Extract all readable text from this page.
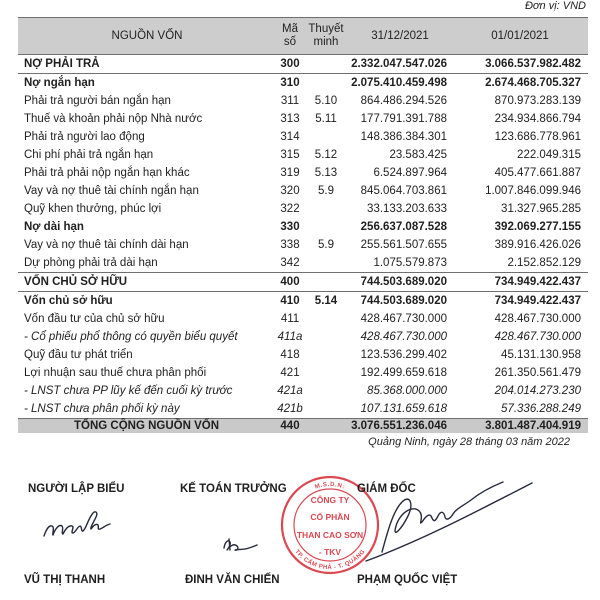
Đơn vị: VND
NGUỒN VỐN	Mã số	Thuyết minh	31/12/2021	01/01/2021
NỢ PHẢI TRẢ	300		2.332.047.547.026	3.066.537.982.482
Nợ ngắn hạn	310		2.075.410.459.498	2.674.468.705.327
Phải trả người bán ngắn hạn	311	5.10	864.486.294.526	870.973.283.139
Thuế và khoản phải nộp Nhà nước	313	5.11	177.791.391.788	234.934.866.794
Phải trả người lao động	314		148.386.384.301	123.686.778.961
Chi phí phải trả ngắn hạn	315	5.12	23.583.425	222.049.315
Phải trả phải nộp ngắn hạn khác	319	5.13	6.524.897.964	405.477.661.887
Vay và nợ thuê tài chính ngắn hạn	320	5.9	845.064.703.861	1.007.846.099.946
Quỹ khen thưởng, phúc lợi	322		33.133.203.633	31.327.965.285
Nợ dài hạn	330		256.637.087.528	392.069.277.155
Vay và nợ thuê tài chính dài hạn	338	5.9	255.561.507.655	389.916.426.026
Dự phòng phải trả dài hạn	342		1.075.579.873	2.152.852.129
VỐN CHỦ SỞ HỮU	400		744.503.689.020	734.949.422.437
Vốn chủ sở hữu	410	5.14	744.503.689.020	734.949.422.437
Vốn đầu tư của chủ sở hữu	411		428.467.730.000	428.467.730.000
- Cổ phiếu phổ thông có quyền biểu quyết	411a		428.467.730.000	428.467.730.000
Quỹ đầu tư phát triển	418		123.536.299.402	45.131.130.958
Lợi nhuận sau thuế chưa phân phối	421		192.499.659.618	261.350.561.479
- LNST chưa PP lũy kế đến cuối kỳ trước	421a		85.368.000.000	204.014.273.230
- LNST chưa phân phối kỳ này	421b		107.131.659.618	57.336.288.249
TỔNG CỘNG NGUỒN VỐN	440		3.076.551.236.046	3.801.487.404.919
Quảng Ninh, ngày 28 tháng 03 năm 2022
NGƯỜI LẬP BIỂU	KẾ TOÁN TRƯỞNG	GIÁM ĐỐC
M.S.D.N:
TP. CẨM PHẢ - T. QUẢNG
CÔNG TY
CỔ PHẦN
THAN CAO SƠN
- TKV
VŨ THỊ THANH	ĐINH VĂN CHIẾN	PHẠM QUỐC VIỆT
